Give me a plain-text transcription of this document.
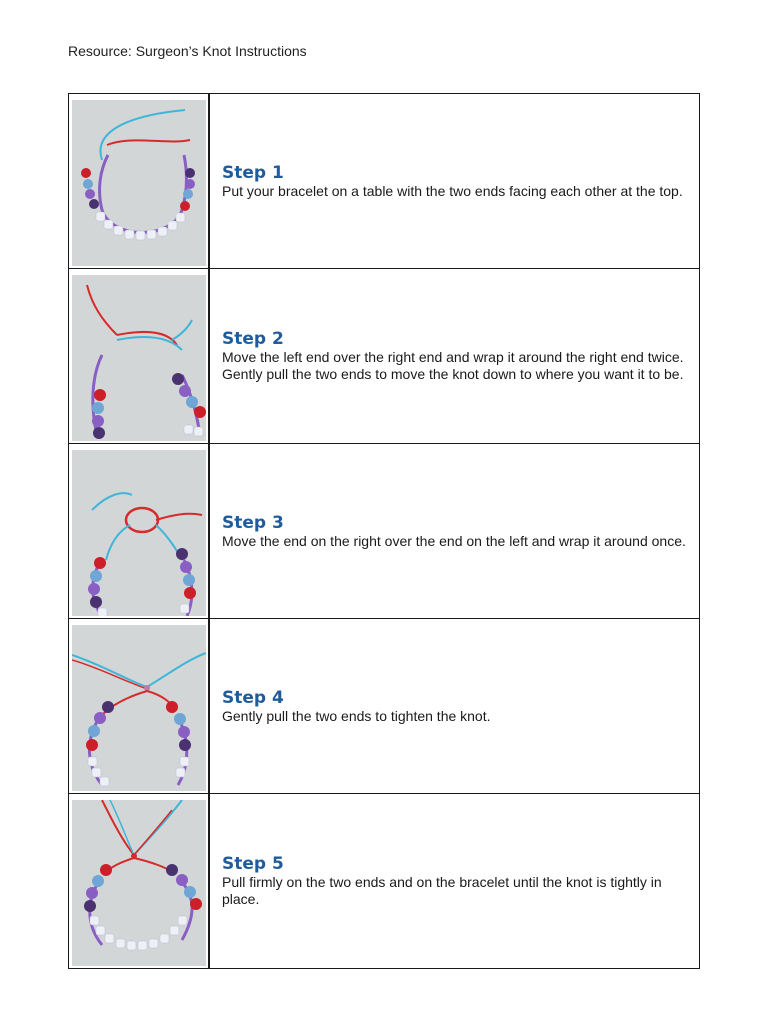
Resource: Surgeon’s Knot Instructions

Step 1

Put your bracelet on a table with the two ends facing each other at the top.

Step 2

Move the left end over the right end and wrap it around the right end twice. Gently pull the two ends to move the knot down to where you want it to be.

Step 3

Move the end on the right over the end on the left and wrap it around once.

Step 4

Gently pull the two ends to tighten the knot.

Step 5

Pull firmly on the two ends and on the bracelet until the knot is tightly in place.
